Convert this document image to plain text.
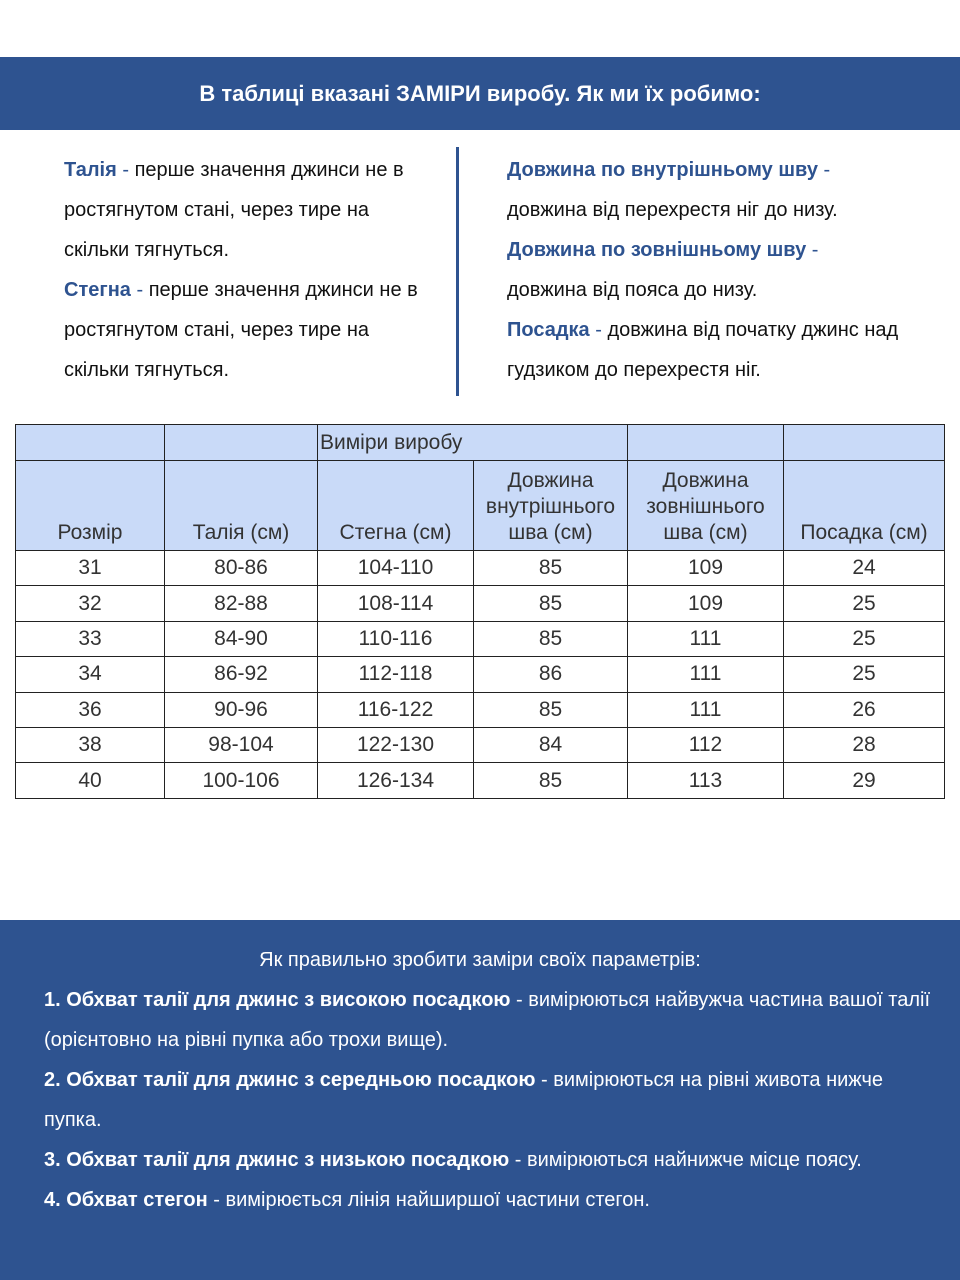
В таблиці вказані ЗАМІРИ виробу. Як ми їх робимо:
Талія - перше значення джинси не в ростягнутом стані, через тире на скільки тягнуться.
Стегна - перше значення джинси не в ростягнутом стані, через тире на скільки тягнуться.
Довжина по внутрішньому шву -
довжина від перехрестя ніг до низу.
Довжина по зовнішньому шву -
довжина від пояса до низу.
Посадка - довжина від початку джинс над гудзиком до перехрестя ніг.
		Виміри виробу			
Розмір	Талія (см)	Стегна (см)	Довжина внутрішнього шва (см)	Довжина зовнішнього шва (см)	Посадка (см)
31	80-86	104-110	85	109	24
32	82-88	108-114	85	109	25
33	84-90	110-116	85	111	25
34	86-92	112-118	86	111	25
36	90-96	116-122	85	111	26
38	98-104	122-130	84	112	28
40	100-106	126-134	85	113	29
Як правильно зробити заміри своїх параметрів:
1. Обхват талії для джинс з високою посадкою - вимірюються найвужча частина вашої талії (орієнтовно на рівні пупка або трохи вище).
2. Обхват талії для джинс з середньою посадкою - вимірюються на рівні живота нижче пупка.
3. Обхват талії для джинс з низькою посадкою - вимірюються найнижче місце поясу.
4. Обхват стегон - вимірюється лінія найширшої частини стегон.
